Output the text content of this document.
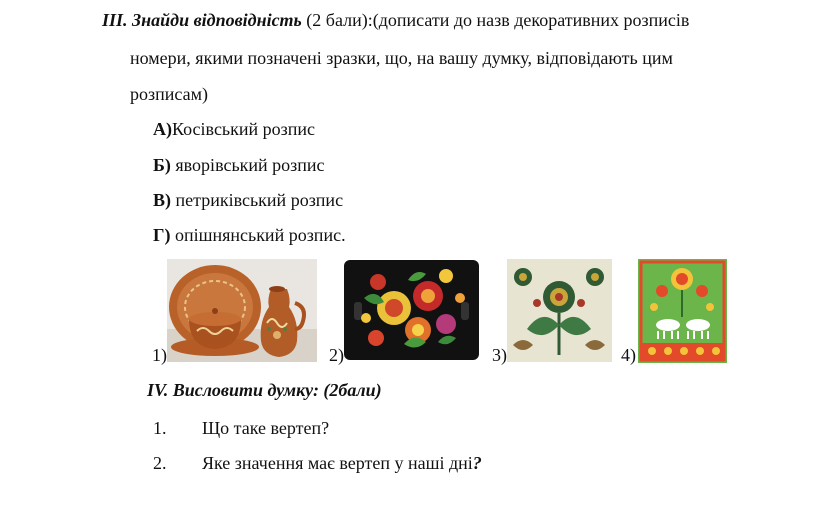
III. Знайди відповідність (2 бали):(дописати до назв декоративних розписів
номери, якими позначені зразки, що, на вашу думку, відповідають цим
розписам)
А)Косівський розпис
Б) яворівський розпис
В) петриківський розпис
Г) опішнянський розпис.
1)	2)	3)	4)
IV. Висловити думку: (2бали)
1. Що таке вертеп?
2. Яке значення має вертеп у наші дні?
